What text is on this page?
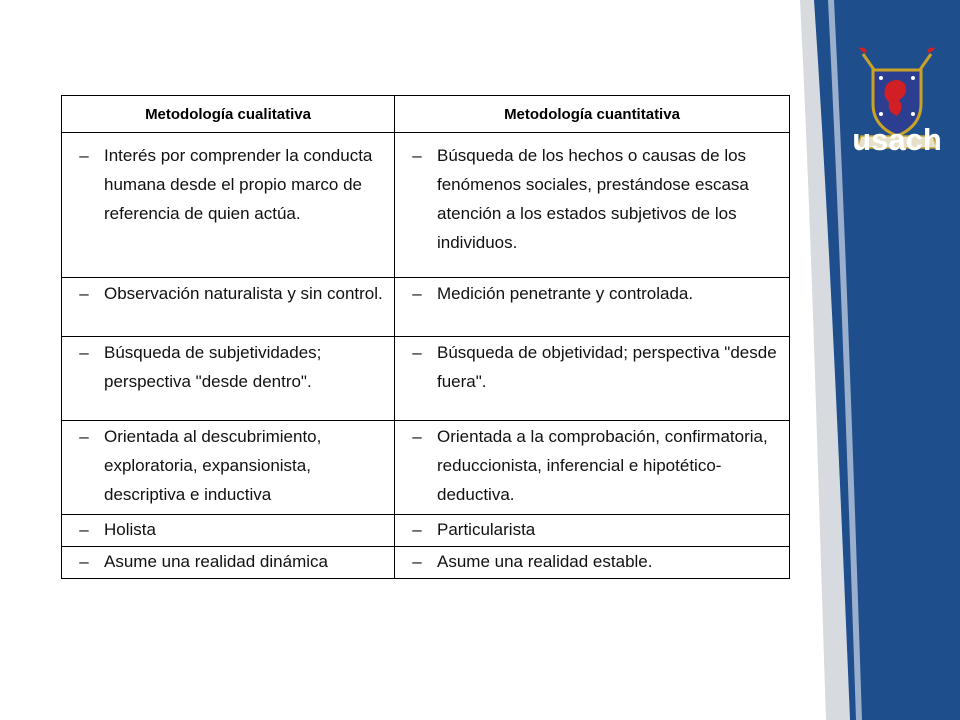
usach
Metodología cualitativa	Metodología cuantitativa

– Interés por comprender la conducta humana desde el propio marco de referencia de quien actúa.	– Búsqueda de los hechos o causas de los fenómenos sociales, prestándose escasa atención a los estados subjetivos de los individuos.

– Observación naturalista y sin control.	– Medición penetrante y controlada.

– Búsqueda de subjetividades; perspectiva "desde dentro".	– Búsqueda de objetividad; perspectiva "desde fuera".

– Orientada al descubrimiento, exploratoria, expansionista, descriptiva e inductiva	– Orientada a la comprobación, confirmatoria, reduccionista, inferencial e hipotético-deductiva.

– Holista	– Particularista

– Asume una realidad dinámica	– Asume una realidad estable.
